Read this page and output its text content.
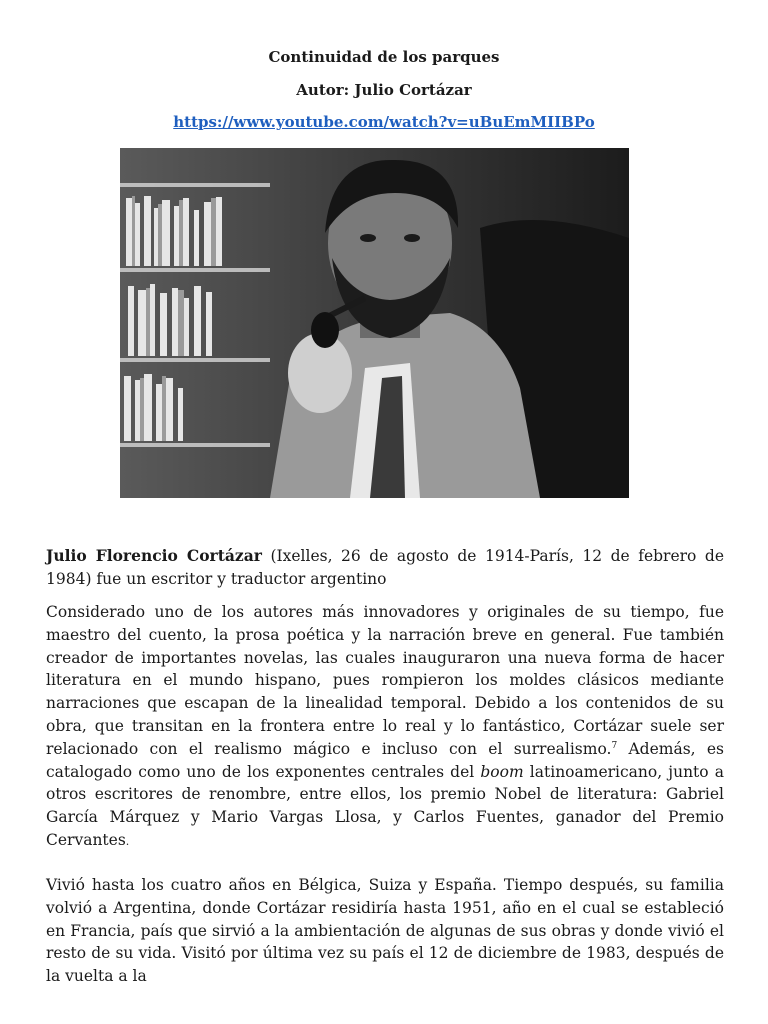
Continuidad de los parques
Autor: Julio Cortázar
https://www.youtube.com/watch?v=uBuEmMIIBPo
Julio Florencio Cortázar (Ixelles, 26 de agosto de 1914-París, 12 de febrero de 1984) fue un escritor y traductor argentino
Considerado uno de los autores más innovadores y originales de su tiempo, fue maestro del cuento, la prosa poética y la narración breve en general. Fue también creador de importantes novelas, las cuales inauguraron una nueva forma de hacer literatura en el mundo hispano, pues rompieron los moldes clásicos mediante narraciones que escapan de la linealidad temporal. Debido a los contenidos de su obra, que transitan en la frontera entre lo real y lo fantástico, Cortázar suele ser relacionado con el realismo mágico e incluso con el surrealismo.$^7$ Además, es catalogado como uno de los exponentes centrales del boom latinoamericano, junto a otros escritores de renombre, entre ellos, los premio Nobel de literatura: Gabriel García Márquez y Mario Vargas Llosa, y Carlos Fuentes, ganador del Premio Cervantes.
Vivió hasta los cuatro años en Bélgica, Suiza y España. Tiempo después, su familia volvió a Argentina, donde Cortázar residiría hasta 1951, año en el cual se estableció en Francia, país que sirvió a la ambientación de algunas de sus obras y donde vivió el resto de su vida. Visitó por última vez su país el 12 de diciembre de 1983, después de la vuelta a la
